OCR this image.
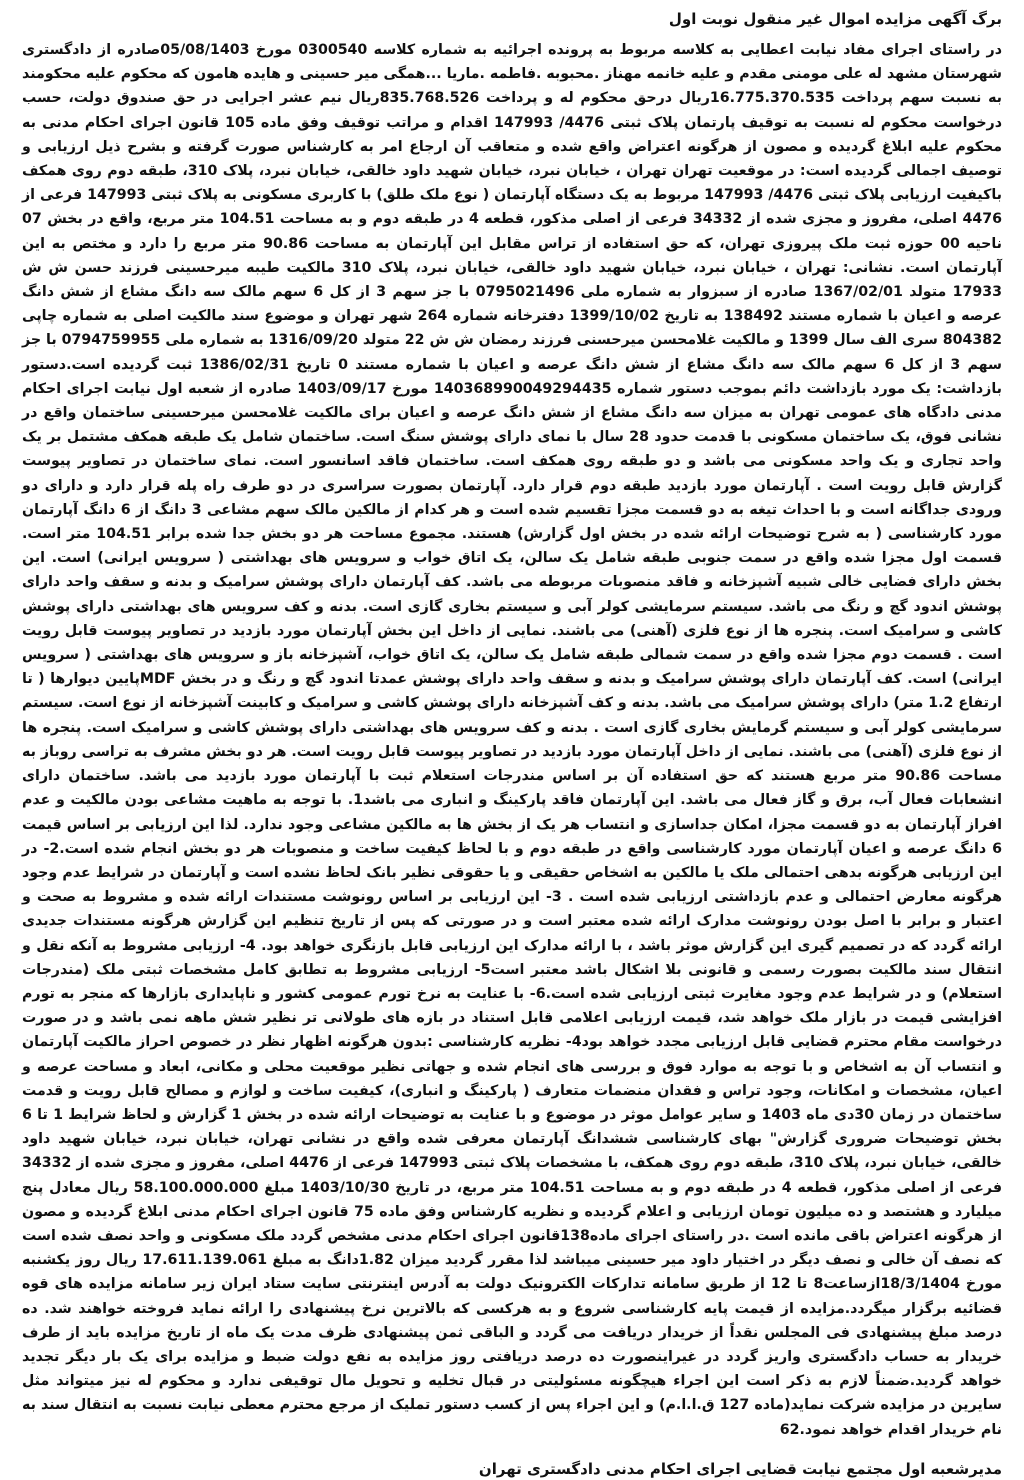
برگ آگهی مزایده اموال غیر منقول نوبت اول

در راستای اجرای مفاد نیابت اعطایی به کلاسه مربوط به پرونده اجرائیه به شماره کلاسه 0300540 مورخ 05/08/1403صادره از دادگستری شهرستان مشهد له علی مومنی مقدم و علیه خانمه مهناز .محبوبه .فاطمه .ماریا ...همگی میر حسینی و هایده هامون که محکوم علیه محکومند به نسبت سهم پرداخت 16.775.370.535ریال درحق محکوم له و پرداخت 835.768.526ریال نیم عشر اجرایی در حق صندوق دولت، حسب درخواست محکوم له نسبت به توقیف پارتمان پلاک ثبتی 4476/ 147993 اقدام و مراتب توقیف وفق ماده 105 قانون اجرای احکام مدنی به محکوم علیه ابلاغ گردیده و مصون از هرگونه اعتراض واقع شده و متعاقب آن ارجاع امر به کارشناس صورت گرفته و بشرح ذیل ارزیابی و توصیف اجمالی گردیده است: در موقعیت تهران تهران ، خیابان نبرد، خیابان شهید داود خالقی، خیابان نبرد، پلاک 310، طبقه دوم روی همکف باکیفیت ارزیابی پلاک ثبتی 4476/ 147993 مربوط به یک دستگاه آپارتمان ( نوع ملک طلق) با کاربری مسکونی به پلاک ثبتی 147993 فرعی از 4476 اصلی، مفروز و مجزی شده از 34332 فرعی از اصلی مذکور، قطعه 4 در طبقه دوم و به مساحت 104.51 متر مربع، واقع در بخش 07 ناحیه 00 حوزه ثبت ملک پیروزی تهران، که حق استفاده از تراس مقابل این آپارتمان به مساحت 90.86 متر مربع را دارد و مختص به این آپارتمان است. نشانی: تهران ، خیابان نبرد، خیابان شهید داود خالقی، خیابان نبرد، پلاک 310 مالکیت طیبه میرحسینی فرزند حسن ش ش 17933 متولد 1367/02/01 صادره از سبزوار به شماره ملی 0795021496 با جز سهم 3 از کل 6 سهم مالک سه دانگ مشاع از شش دانگ عرصه و اعیان با شماره مستند 138492 به تاریخ 1399/10/02 دفترخانه شماره 264 شهر تهران و موضوع سند مالکیت اصلی به شماره چاپی 804382 سری الف سال 1399 و مالکیت غلامحسن میرحسنی فرزند رمضان ش ش 22 متولد 1316/09/20 به شماره ملی 0794759955 با جز سهم 3 از کل 6 سهم مالک سه دانگ مشاع از شش دانگ عرصه و اعیان با شماره مستند 0 تاریخ 1386/02/31 ثبت گردیده است.دستور بازداشت: یک مورد بازداشت دائم بموجب دستور شماره 140368990049294435 مورخ 1403/09/17 صادره از شعبه اول نیابت اجرای احکام مدنی دادگاه های عمومی تهران به میزان سه دانگ مشاع از شش دانگ عرصه و اعیان برای مالکیت غلامحسن میرحسینی ساختمان واقع در نشانی فوق، یک ساختمان مسکونی با قدمت حدود 28 سال با نمای دارای پوشش سنگ است. ساختمان شامل یک طبقه همکف مشتمل بر یک واحد تجاری و یک واحد مسکونی می باشد و دو طبقه روی همکف است. ساختمان فاقد اسانسور است. نمای ساختمان در تصاویر پیوست گزارش قابل رویت است . آپارتمان مورد بازدید طبقه دوم قرار دارد. آپارتمان بصورت سراسری در دو طرف راه پله قرار دارد و دارای دو ورودی جداگانه است و با احداث تیغه به دو قسمت مجزا تقسیم شده است و هر کدام از مالکین مالک سهم مشاعی 3 دانگ از 6 دانگ آپارتمان مورد کارشناسی ( به شرح توضیحات ارائه شده در بخش اول گزارش) هستند. مجموع مساحت هر دو بخش جدا شده برابر 104.51 متر است. قسمت اول مجزا شده واقع در سمت جنوبی طبقه شامل یک سالن، یک اتاق خواب و سرویس های بهداشتی ( سرویس ایرانی) است. این بخش دارای فضایی خالی شبیه آشپزخانه و فاقد منصوبات مربوطه می باشد. کف آپارتمان دارای پوشش سرامیک و بدنه و سقف واحد دارای پوشش اندود گچ و رنگ می باشد. سیستم سرمایشی کولر آبی و سیستم بخاری گازی است. بدنه و کف سرویس های بهداشتی دارای پوشش کاشی و سرامیک است. پنجره ها از نوع فلزی (آهنی) می باشند. نمایی از داخل این بخش آپارتمان مورد بازدید در تصاویر پیوست قابل رویت است . قسمت دوم مجزا شده واقع در سمت شمالی طبقه شامل یک سالن، یک اتاق خواب، آشپزخانه باز و سرویس های بهداشتی ( سرویس ایرانی) است. کف آپارتمان دارای پوشش سرامیک و بدنه و سقف واحد دارای پوشش عمدتا اندود گچ و رنگ و در بخش MDFپایین دیوارها ( تا ارتفاع 1.2 متر) دارای پوشش سرامیک می باشد. بدنه و کف آشپزخانه دارای پوشش کاشی و سرامیک و کابینت آشپزخانه از نوع است. سیستم سرمایشی کولر آبی و سیستم گرمایش بخاری گازی است . بدنه و کف سرویس های بهداشتی دارای پوشش کاشی و سرامیک است. پنجره ها از نوع فلزی (آهنی) می باشند. نمایی از داخل آپارتمان مورد بازدید در تصاویر پیوست قابل رویت است. هر دو بخش مشرف به تراسی روباز به مساحت 90.86 متر مربع هستند که حق استفاده آن بر اساس مندرجات استعلام ثبت با آپارتمان مورد بازدید می باشد. ساختمان دارای انشعابات فعال آب، برق و گاز فعال می باشد. این آپارتمان فاقد پارکینگ و انباری می باشد1. با توجه به ماهیت مشاعی بودن مالکیت و عدم افراز آپارتمان به دو قسمت مجزا، امکان جداسازی و انتساب هر یک از بخش ها به مالکین مشاعی وجود ندارد. لذا این ارزیابی بر اساس قیمت 6 دانگ عرصه و اعیان آپارتمان مورد کارشناسی واقع در طبقه دوم و با لحاظ کیفیت ساخت و منصوبات هر دو بخش انجام شده است.2- در این ارزیابی هرگونه بدهی احتمالی ملک یا مالکین به اشخاص حقیقی و یا حقوقی نظیر بانک لحاظ نشده است و آپارتمان در شرایط عدم وجود هرگونه معارض احتمالی و عدم بازداشتی ارزیابی شده است . 3- این ارزیابی بر اساس رونوشت مستندات ارائه شده و مشروط به صحت و اعتبار و برابر با اصل بودن رونوشت مدارک ارائه شده معتبر است و در صورتی که پس از تاریخ تنظیم این گزارش هرگونه مستندات جدیدی ارائه گردد که در تصمیم گیری این گزارش موثر باشد ، با ارائه مدارک این ارزیابی قابل بازنگری خواهد بود. 4- ارزیابی مشروط به آنکه نقل و انتقال سند مالکیت بصورت رسمی و قانونی بلا اشکال باشد معتبر است5- ارزیابی مشروط به تطابق کامل مشخصات ثبتی ملک (مندرجات استعلام) و در شرایط عدم وجود مغایرت ثبتی ارزیابی شده است.6- با عنایت به نرخ تورم عمومی کشور و ناپایداری بازارها که منجر به تورم افزایشی قیمت در بازار ملک خواهد شد، قیمت ارزیابی اعلامی قابل استناد در بازه های طولانی تر نظیر شش ماهه نمی باشد و در صورت درخواست مقام محترم قضایی قابل ارزیابی مجدد خواهد بود4- نظریه کارشناسی :بدون هرگونه اظهار نظر در خصوص احراز مالکیت آپارتمان و انتساب آن به اشخاص و با توجه به موارد فوق و بررسی های انجام شده و جهاتی نظیر موقعیت محلی و مکانی، ابعاد و مساحت عرصه و اعیان، مشخصات و امکانات، وجود تراس و فقدان منضمات متعارف ( پارکینگ و انباری)، کیفیت ساخت و لوازم و مصالح قابل رویت و قدمت ساختمان در زمان 30دی ماه 1403 و سایر عوامل موثر در موضوع و با عنایت به توضیحات ارائه شده در بخش 1 گزارش و لحاظ شرایط 1 تا 6 بخش توضیحات ضروری گزارش" بهای کارشناسی ششدانگ آپارتمان معرفی شده واقع در نشانی تهران، خیابان نبرد، خیابان شهید داود خالقی، خیابان نبرد، پلاک 310، طبقه دوم روی همکف، با مشخصات پلاک ثبتی 147993 فرعی از 4476 اصلی، مفروز و مجزی شده از 34332 فرعی از اصلی مذکور، قطعه 4 در طبقه دوم و به مساحت 104.51 متر مربع، در تاریخ 1403/10/30 مبلغ 58.100.000.000 ریال معادل پنج میلیارد و هشتصد و ده میلیون تومان ارزیابی و اعلام گردیده و نظریه کارشناس وفق ماده 75 قانون اجرای احکام مدنی ابلاغ گردیده و مصون از هرگونه اعتراض باقی مانده است .در راستای اجرای ماده138قانون اجرای احکام مدنی مشخص گردد ملک مسکونی و واحد نصف شده است که نصف آن خالی و نصف دیگر در اختیار داود میر حسینی میباشد لذا مقرر گردید میزان 1.82دانگ به مبلغ 17.611.139.061 ریال روز یکشنبه مورخ 18/3/1404ازساعت8 تا 12 از طریق سامانه تدارکات الکترونیک دولت به آدرس اینترنتی سایت ستاد ایران زیر سامانه مزایده های قوه قضائیه برگزار میگردد.مزایده از قیمت پایه کارشناسی شروع و به هرکسی که بالاترین نرخ پیشنهادی را ارائه نماید فروخته خواهند شد. ده درصد مبلغ پیشنهادی فی المجلس نقداً از خریدار دریافت می گردد و الباقی ثمن پیشنهادی ظرف مدت یک ماه از تاریخ مزایده باید از طرف خریدار به حساب دادگستری واریز گردد در غیراینصورت ده درصد دریافتی روز مزایده به نفع دولت ضبط و مزایده برای یک بار دیگر تجدید خواهد گردید.ضمناً لازم به ذکر است این اجراء هیچگونه مسئولیتی در قبال تخلیه و تحویل مال توقیفی ندارد و محکوم له نیز میتواند مثل سایرین در مزایده شرکت نماید(ماده 127 ق.ا.ا.م) و این اجراء پس از کسب دستور تملیک از مرجع محترم معطی نیابت نسبت به انتقال سند به نام خریدار اقدام خواهد نمود.62

مدیرشعبه اول مجتمع نیابت قضایی اجرای احکام مدنی دادگستری تهران
